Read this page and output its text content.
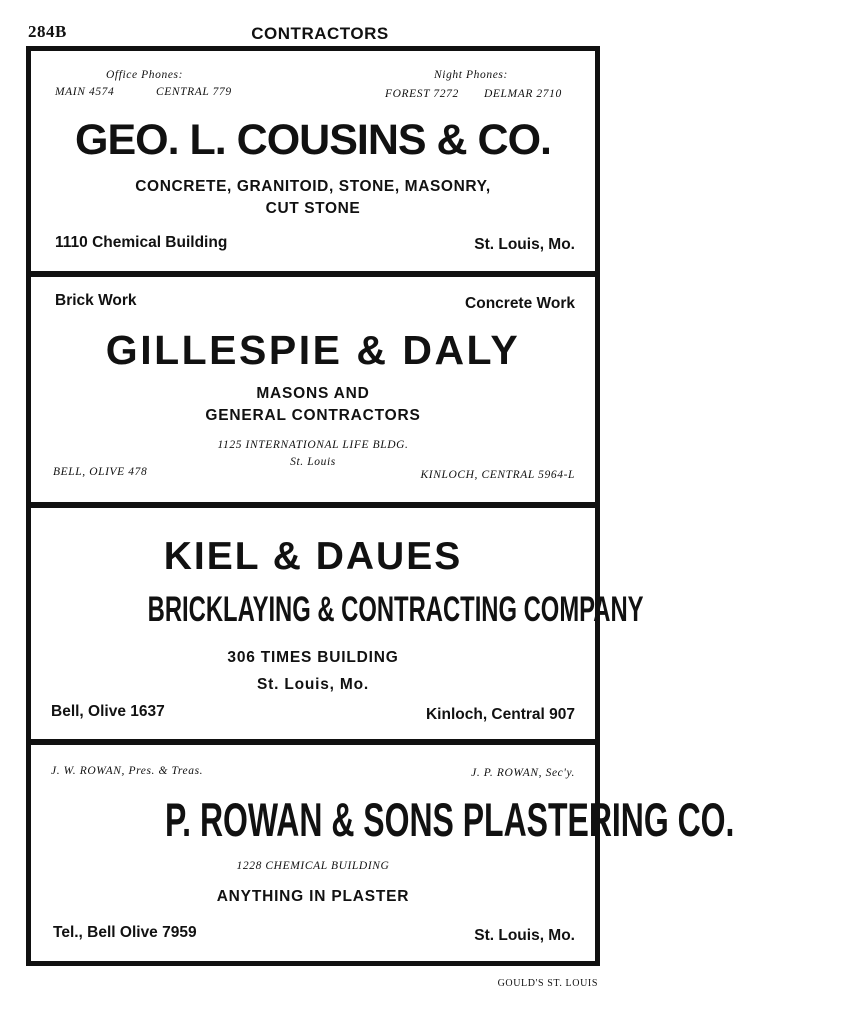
284B	CONTRACTORS
Office Phones:
MAIN 4574	CENTRAL 779
Night Phones:
FOREST 7272 DELMAR 2710
GEO. L. COUSINS & CO.
CONCRETE, GRANITOID, STONE, MASONRY,
CUT STONE
1110 Chemical Building	St. Louis, Mo.
Brick Work	Concrete Work
GILLESPIE & DALY
MASONS AND
GENERAL CONTRACTORS
1125 INTERNATIONAL LIFE BLDG.
St. Louis
BELL, OLIVE 478	KINLOCH, CENTRAL 5964-L
KIEL & DAUES
BRICKLAYING & CONTRACTING COMPANY
306 TIMES BUILDING
St. Louis, Mo.
Bell, Olive 1637	Kinloch, Central 907
J. W. ROWAN, Pres. & Treas.	J. P. ROWAN, Sec'y.
P. ROWAN & SONS PLASTERING CO.
1228 CHEMICAL BUILDING
ANYTHING IN PLASTER
Tel., Bell Olive 7959	St. Louis, Mo.
GOULD'S ST. LOUIS
